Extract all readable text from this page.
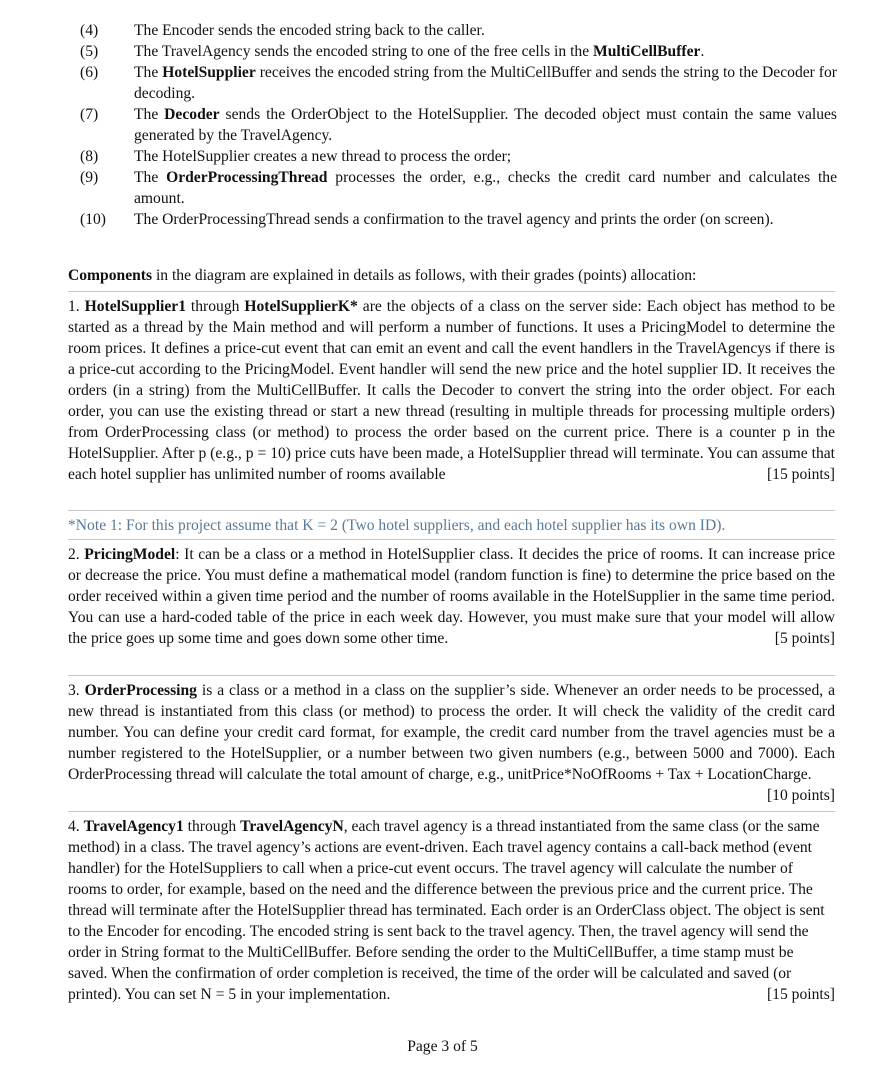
(4)	The Encoder sends the encoded string back to the caller.
(5)	The TravelAgency sends the encoded string to one of the free cells in the MultiCellBuffer.
(6)	The HotelSupplier receives the encoded string from the MultiCellBuffer and sends the string to the Decoder for decoding.
(7)	The Decoder sends the OrderObject to the HotelSupplier. The decoded object must contain the same values generated by the TravelAgency.
(8)	The HotelSupplier creates a new thread to process the order;
(9)	The OrderProcessingThread processes the order, e.g., checks the credit card number and calculates the amount.
(10)	The OrderProcessingThread sends a confirmation to the travel agency and prints the order (on screen).
Components in the diagram are explained in details as follows, with their grades (points) allocation:
1. HotelSupplier1 through HotelSupplierK* are the objects of a class on the server side: Each object has method to be started as a thread by the Main method and will perform a number of functions. It uses a PricingModel to determine the room prices. It defines a price-cut event that can emit an event and call the event handlers in the TravelAgencys if there is a price-cut according to the PricingModel. Event handler will send the new price and the hotel supplier ID. It receives the orders (in a string) from the MultiCellBuffer. It calls the Decoder to convert the string into the order object. For each order, you can use the existing thread or start a new thread (resulting in multiple threads for processing multiple orders) from OrderProcessing class (or method) to process the order based on the current price. There is a counter p in the HotelSupplier. After p (e.g., p = 10) price cuts have been made, a HotelSupplier thread will terminate. You can assume that each hotel supplier has unlimited number of rooms available	[15 points]
*Note 1: For this project assume that K = 2 (Two hotel suppliers, and each hotel supplier has its own ID).
2. PricingModel: It can be a class or a method in HotelSupplier class. It decides the price of rooms. It can increase price or decrease the price. You must define a mathematical model (random function is fine) to determine the price based on the order received within a given time period and the number of rooms available in the HotelSupplier in the same time period. You can use a hard-coded table of the price in each week day. However, you must make sure that your model will allow the price goes up some time and goes down some other time.	[5 points]
3. OrderProcessing is a class or a method in a class on the supplier’s side. Whenever an order needs to be processed, a new thread is instantiated from this class (or method) to process the order. It will check the validity of the credit card number. You can define your credit card format, for example, the credit card number from the travel agencies must be a number registered to the HotelSupplier, or a number between two given numbers (e.g., between 5000 and 7000). Each OrderProcessing thread will calculate the total amount of charge, e.g., unitPrice*NoOfRooms + Tax + LocationCharge.
[10 points]
4. TravelAgency1 through TravelAgencyN, each travel agency is a thread instantiated from the same class (or the same method) in a class. The travel agency’s actions are event-driven. Each travel agency contains a call-back method (event handler) for the HotelSuppliers to call when a price-cut event occurs. The travel agency will calculate the number of rooms to order, for example, based on the need and the difference between the previous price and the current price. The thread will terminate after the HotelSupplier thread has terminated. Each order is an OrderClass object. The object is sent to the Encoder for encoding. The encoded string is sent back to the travel agency. Then, the travel agency will send the order in String format to the MultiCellBuffer. Before sending the order to the MultiCellBuffer, a time stamp must be saved. When the confirmation of order completion is received, the time of the order will be calculated and saved (or printed). You can set N = 5 in your implementation.	[15 points]
Page 3 of 5
